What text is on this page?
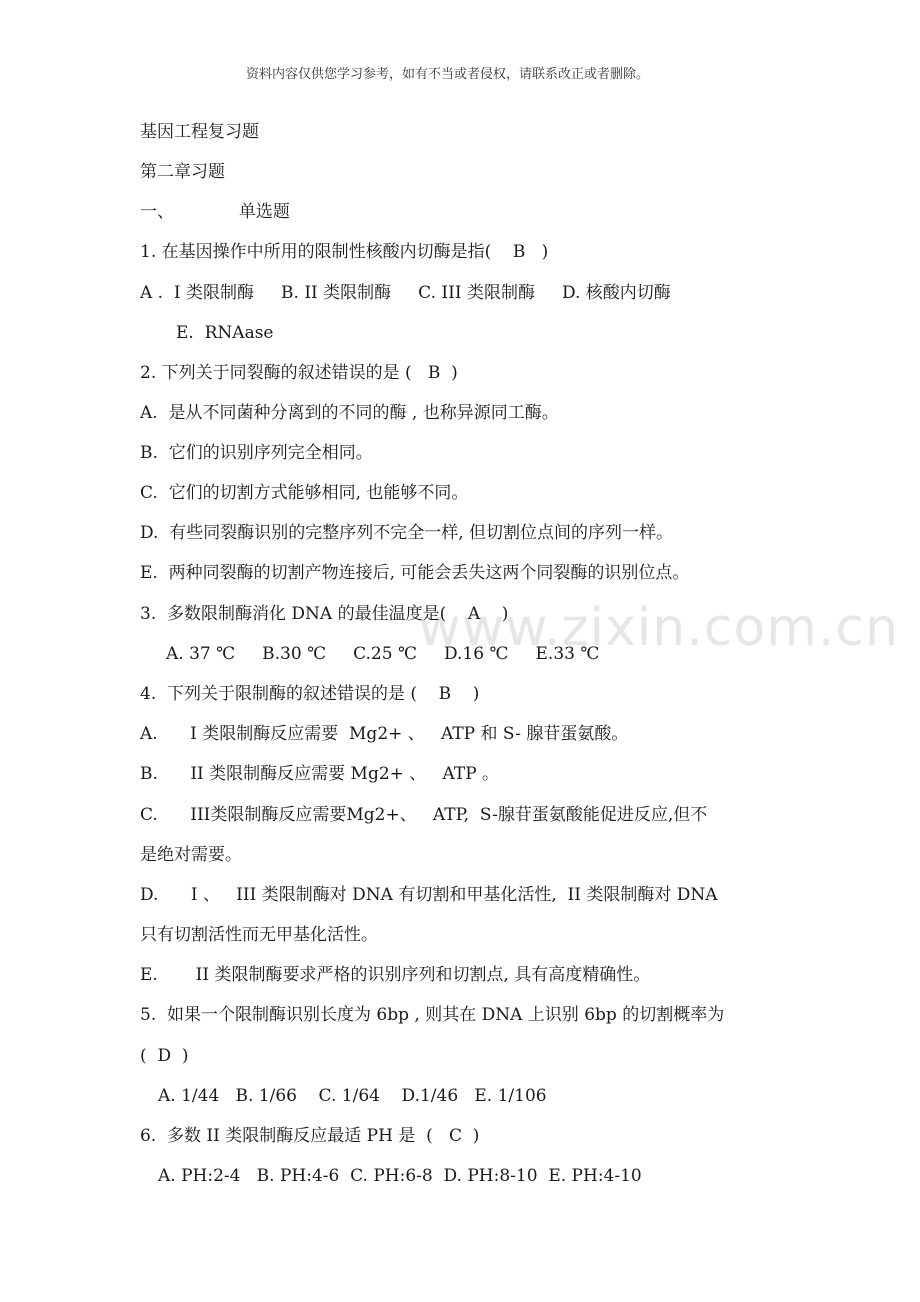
www.zixin.com.cn
资料内容仅供您学习参考，如有不当或者侵权，请联系改正或者删除。
基因工程复习题
第二章习题
一、            单选题
1. 在基因操作中所用的限制性核酸内切酶是指(    B   )
A .  I 类限制酶     B. II 类限制酶     C. III 类限制酶     D. 核酸内切酶
E.  RNAase
2. 下列关于同裂酶的叙述错误的是 (   B  )
A.  是从不同菌种分离到的不同的酶 , 也称异源同工酶。
B.  它们的识别序列完全相同。
C.  它们的切割方式能够相同, 也能够不同。
D.  有些同裂酶识别的完整序列不完全一样, 但切割位点间的序列一样。
E.  两种同裂酶的切割产物连接后, 可能会丢失这两个同裂酶的识别位点。
3.  多数限制酶消化 DNA 的最佳温度是(    A    )
A. 37 ℃     B.30 ℃     C.25 ℃     D.16 ℃     E.33 ℃
4.  下列关于限制酶的叙述错误的是 (    B    )
A.      I 类限制酶反应需要  Mg2+ 、   ATP 和 S- 腺苷蛋氨酸。
B.      II 类限制酶反应需要 Mg2+ 、   ATP 。
C.      III类限制酶反应需要Mg2+、   ATP,  S-腺苷蛋氨酸能促进反应,但不
是绝对需要。
D.      I 、   III 类限制酶对 DNA 有切割和甲基化活性,  II 类限制酶对 DNA
只有切割活性而无甲基化活性。
E.       II 类限制酶要求严格的识别序列和切割点, 具有高度精确性。
5.  如果一个限制酶识别长度为 6bp , 则其在 DNA 上识别 6bp 的切割概率为
(  D  )
A. 1/44   B. 1/66    C. 1/64    D.1/46   E. 1/106
6.  多数 II 类限制酶反应最适 PH 是  (   C  )
A. PH:2-4   B. PH:4-6  C. PH:6-8  D. PH:8-10  E. PH:4-10
